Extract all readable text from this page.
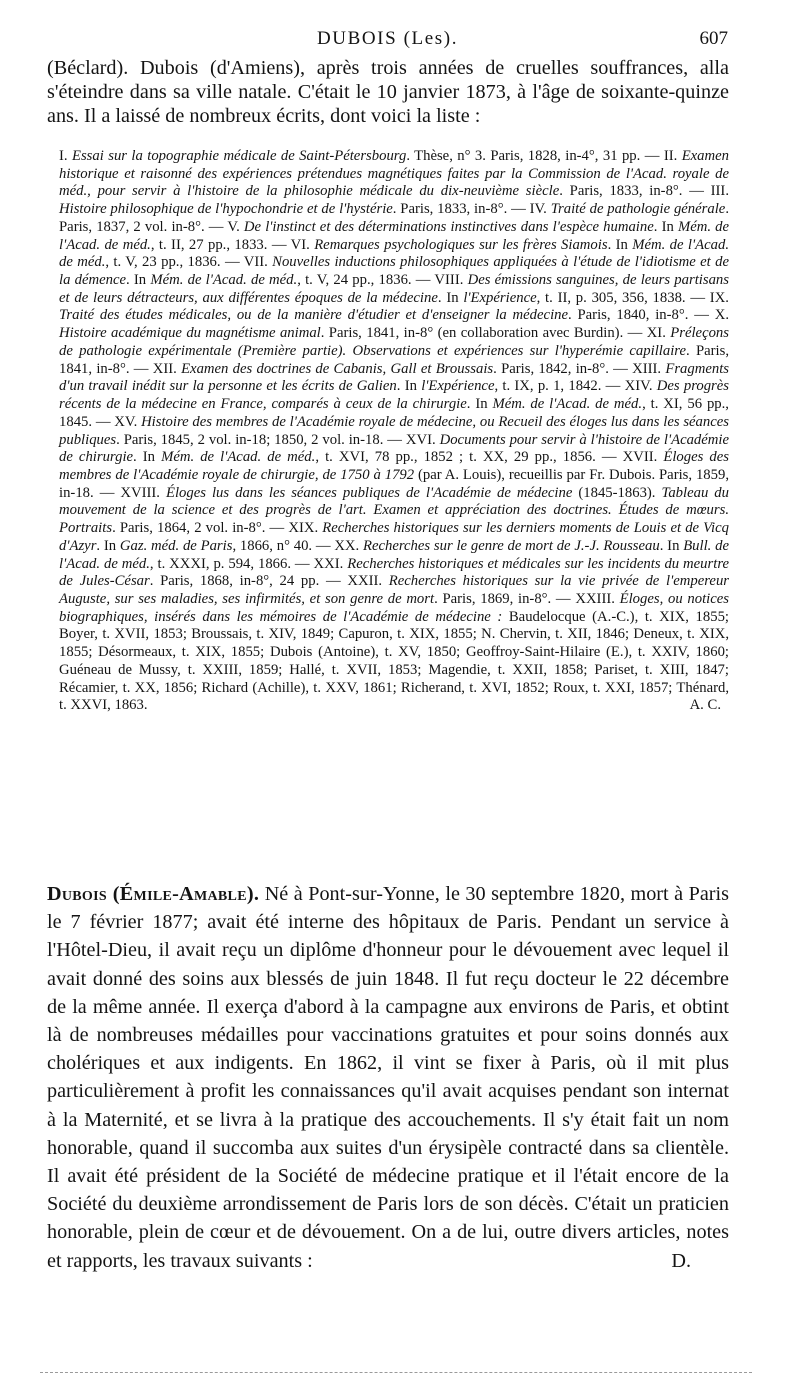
DUBOIS (Les).	607

(Béclard). Dubois (d'Amiens), après trois années de cruelles souffrances, alla s'éteindre dans sa ville natale. C'était le 10 janvier 1873, à l'âge de soixante-quinze ans. Il a laissé de nombreux écrits, dont voici la liste :

I. Essai sur la topographie médicale de Saint-Pétersbourg. Thèse, n° 3. Paris, 1828, in-4°, 31 pp. — II. Examen historique et raisonné des expériences prétendues magnétiques faites par la Commission de l'Acad. royale de méd., pour servir à l'histoire de la philosophie médicale du dix-neuvième siècle. Paris, 1833, in-8°. — III. Histoire philosophique de l'hypochondrie et de l'hystérie. Paris, 1833, in-8°. — IV. Traité de pathologie générale. Paris, 1837, 2 vol. in-8°. — V. De l'instinct et des déterminations instinctives dans l'espèce humaine. In Mém. de l'Acad. de méd., t. II, 27 pp., 1833. — VI. Remarques psychologiques sur les frères Siamois. In Mém. de l'Acad. de méd., t. V, 23 pp., 1836. — VII. Nouvelles inductions philosophiques appliquées à l'étude de l'idiotisme et de la démence. In Mém. de l'Acad. de méd., t. V, 24 pp., 1836. — VIII. Des émissions sanguines, de leurs partisans et de leurs détracteurs, aux différentes époques de la médecine. In l'Expérience, t. II, p. 305, 356, 1838. — IX. Traité des études médicales, ou de la manière d'étudier et d'enseigner la médecine. Paris, 1840, in-8°. — X. Histoire académique du magnétisme animal. Paris, 1841, in-8° (en collaboration avec Burdin). — XI. Préleçons de pathologie expérimentale (Première partie). Observations et expériences sur l'hyperémie capillaire. Paris, 1841, in-8°. — XII. Examen des doctrines de Cabanis, Gall et Broussais. Paris, 1842, in-8°. — XIII. Fragments d'un travail inédit sur la personne et les écrits de Galien. In l'Expérience, t. IX, p. 1, 1842. — XIV. Des progrès récents de la médecine en France, comparés à ceux de la chirurgie. In Mém. de l'Acad. de méd., t. XI, 56 pp., 1845. — XV. Histoire des membres de l'Académie royale de médecine, ou Recueil des éloges lus dans les séances publiques. Paris, 1845, 2 vol. in-18; 1850, 2 vol. in-18. — XVI. Documents pour servir à l'histoire de l'Académie de chirurgie. In Mém. de l'Acad. de méd., t. XVI, 78 pp., 1852 ; t. XX, 29 pp., 1856. — XVII. Éloges des membres de l'Académie royale de chirurgie, de 1750 à 1792 (par A. Louis), recueillis par Fr. Dubois. Paris, 1859, in-18. — XVIII. Éloges lus dans les séances publiques de l'Académie de médecine (1845-1863). Tableau du mouvement de la science et des progrès de l'art. Examen et appréciation des doctrines. Études de mœurs. Portraits. Paris, 1864, 2 vol. in-8°. — XIX. Recherches historiques sur les derniers moments de Louis et de Vicq d'Azyr. In Gaz. méd. de Paris, 1866, n° 40. — XX. Recherches sur le genre de mort de J.-J. Rousseau. In Bull. de l'Acad. de méd., t. XXXI, p. 594, 1866. — XXI. Recherches historiques et médicales sur les incidents du meurtre de Jules-César. Paris, 1868, in-8°, 24 pp. — XXII. Recherches historiques sur la vie privée de l'empereur Auguste, sur ses maladies, ses infirmités, et son genre de mort. Paris, 1869, in-8°. — XXIII. Éloges, ou notices biographiques, insérés dans les mémoires de l'Académie de médecine : Baudelocque (A.-C.), t. XIX, 1855; Boyer, t. XVII, 1853; Broussais, t. XIV, 1849; Capuron, t. XIX, 1855; N. Chervin, t. XII, 1846; Deneux, t. XIX, 1855; Désormeaux, t. XIX, 1855; Dubois (Antoine), t. XV, 1850; Geoffroy-Saint-Hilaire (E.), t. XXIV, 1860; Guéneau de Mussy, t. XXIII, 1859; Hallé, t. XVII, 1853; Magendie, t. XXII, 1858; Pariset, t. XIII, 1847; Récamier, t. XX, 1856; Richard (Achille), t. XXV, 1861; Richerand, t. XVI, 1852; Roux, t. XXI, 1857; Thénard, t. XXVI, 1863.	A. C.

Dubois (Émile-Amable). Né à Pont-sur-Yonne, le 30 septembre 1820, mort à Paris le 7 février 1877; avait été interne des hôpitaux de Paris. Pendant un service à l'Hôtel-Dieu, il avait reçu un diplôme d'honneur pour le dévouement avec lequel il avait donné des soins aux blessés de juin 1848. Il fut reçu docteur le 22 décembre de la même année. Il exerça d'abord à la campagne aux environs de Paris, et obtint là de nombreuses médailles pour vaccinations gratuites et pour soins donnés aux cholériques et aux indigents. En 1862, il vint se fixer à Paris, où il mit plus particulièrement à profit les connaissances qu'il avait acquises pendant son internat à la Maternité, et se livra à la pratique des accouchements. Il s'y était fait un nom honorable, quand il succomba aux suites d'un érysipèle contracté dans sa clientèle. Il avait été président de la Société de médecine pratique et il l'était encore de la Société du deuxième arrondissement de Paris lors de son décès. C'était un praticien honorable, plein de cœur et de dévouement. On a de lui, outre divers articles, notes et rapports, les travaux suivants :	D.
